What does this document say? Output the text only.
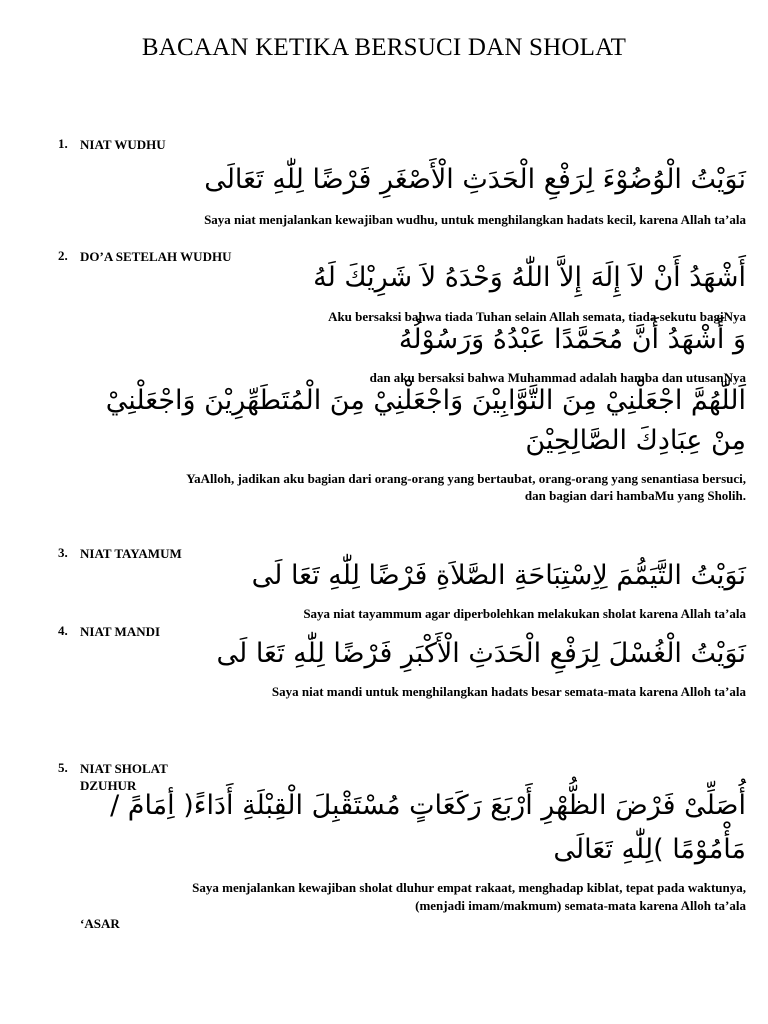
BACAAN KETIKA BERSUCI DAN SHOLAT
1. NIAT WUDHU
نَوَيْتُ الْوُضُوْءَ لِرَفْعِ الْحَدَثِ الْأَصْغَرِ فَرْضًا لِلّٰهِ تَعَالَى
Saya niat menjalankan kewajiban wudhu, untuk menghilangkan hadats kecil, karena Allah ta’ala
2. DO’A SETELAH WUDHU
أَشْهَدُ أَنْ لاَ إِلَهَ إِلاَّ اللّٰهُ وَحْدَهُ لاَ شَرِيْكَ لَهُ
Aku bersaksi bahwa tiada Tuhan selain Allah semata, tiada sekutu bagiNya
وَ أَشْهَدُ أَنَّ مُحَمَّدًا عَبْدُهُ وَرَسُوْلُهُ
dan aku bersaksi bahwa Muhammad adalah hamba dan utusanNya
اَللّٰهُمَّ اجْعَلْنِيْ مِنَ التَّوَّابِيْنَ وَاجْعَلْنِيْ مِنَ الْمُتَطَهِّرِيْنَ وَاجْعَلْنِيْ
مِنْ عِبَادِكَ الصَّالِحِيْنَ
YaAlloh, jadikan aku bagian dari orang-orang yang bertaubat, orang-orang yang senantiasa bersuci,
dan bagian dari hambaMu yang Sholih.
3. NIAT TAYAMUM
نَوَيْتُ التَّيَمُّمَ لِاِسْتِبَاحَةِ الصَّلاَةِ فَرْضًا لِلّٰهِ تَعَا لَى
Saya niat tayammum agar diperbolehkan melakukan sholat karena Allah ta’ala
4. NIAT MANDI
نَوَيْتُ الْغُسْلَ لِرَفْعِ الْحَدَثِ الْأَكْبَرِ فَرْضًا لِلّٰهِ تَعَا لَى
Saya niat mandi untuk menghilangkan hadats besar semata-mata karena Alloh ta’ala
5. NIAT SHOLAT
DZUHUR
أُصَلِّىْ فَرْضَ الظُّهْرِ أَرْبَعَ رَكَعَاتٍ مُسْتَقْبِلَ الْقِبْلَةِ أَدَاءً( أِمَامً /
مَأْمُوْمًا )لِلّٰهِ تَعَالَى
Saya menjalankan kewajiban sholat dluhur empat rakaat, menghadap kiblat, tepat pada waktunya,
(menjadi imam/makmum) semata-mata karena Alloh ta’ala
‘ASAR
